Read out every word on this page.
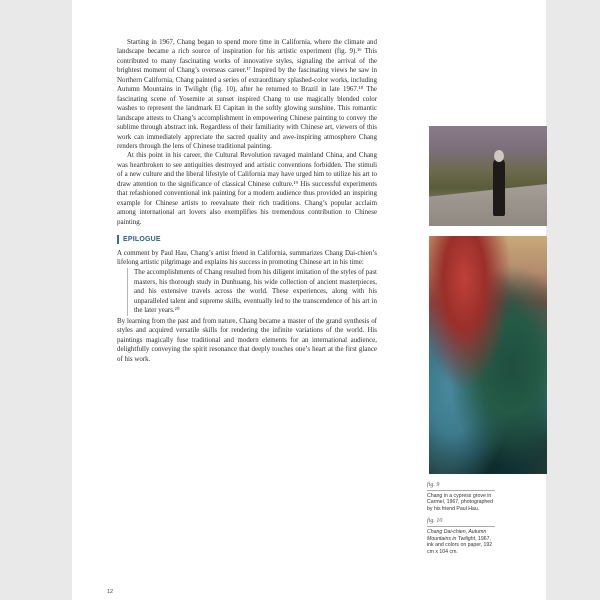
Starting in 1967, Chang began to spend more time in California, where the climate and landscape became a rich source of inspiration for his artistic experiment (fig. 9).¹⁶ This contributed to many fascinating works of innovative styles, signaling the arrival of the brightest moment of Chang’s overseas career.¹⁷ Inspired by the fascinating views he saw in Northern California, Chang painted a series of extraordinary splashed-color works, including Autumn Mountains in Twilight (fig. 10), after he returned to Brazil in late 1967.¹⁸ The fascinating scene of Yosemite at sunset inspired Chang to use magically blended color washes to represent the landmark El Capitan in the softly glowing sunshine. This romantic landscape attests to Chang’s accomplishment in empowering Chinese painting to convey the sublime through abstract ink. Regardless of their familiarity with Chinese art, viewers of this work can immediately appreciate the sacred quality and awe-inspiring atmosphere Chang renders through the lens of Chinese traditional painting.

At this point in his career, the Cultural Revolution ravaged mainland China, and Chang was heartbroken to see antiquities destroyed and artistic conventions forbidden. The stimuli of a new culture and the liberal lifestyle of California may have urged him to utilize his art to draw attention to the significance of classical Chinese culture.¹⁹ His successful experiments that refashioned conventional ink painting for a modern audience thus provided an inspiring example for Chinese artists to reevaluate their rich traditions. Chang’s popular acclaim among international art lovers also exemplifies his tremendous contribution to Chinese painting.

EPILOGUE

A comment by Paul Hau, Chang’s artist friend in California, summarizes Chang Dai-chien’s lifelong artistic pilgrimage and explains his success in promoting Chinese art in his time:

The accomplishments of Chang resulted from his diligent imitation of the styles of past masters, his thorough study in Dunhuang, his wide collection of ancient masterpieces, and his extensive travels across the world. These experiences, along with his unparalleled talent and supreme skills, eventually led to the transcendence of his art in the later years.²⁰

By learning from the past and from nature, Chang became a master of the grand synthesis of styles and acquired versatile skills for rendering the infinite variations of the world. His paintings magically fuse traditional and modern elements for an international audience, delightfully conveying the spirit resonance that deeply touches one’s heart at the first glance of his work.

12
fig. 9
Chang in a cypress grove in Carmel, 1967, photographed by his friend Paul Hau.
fig. 10
Chang Dai-chien, Autumn Mountains in Twilight, 1967, ink and colors on paper, 192 cm x 104 cm.
